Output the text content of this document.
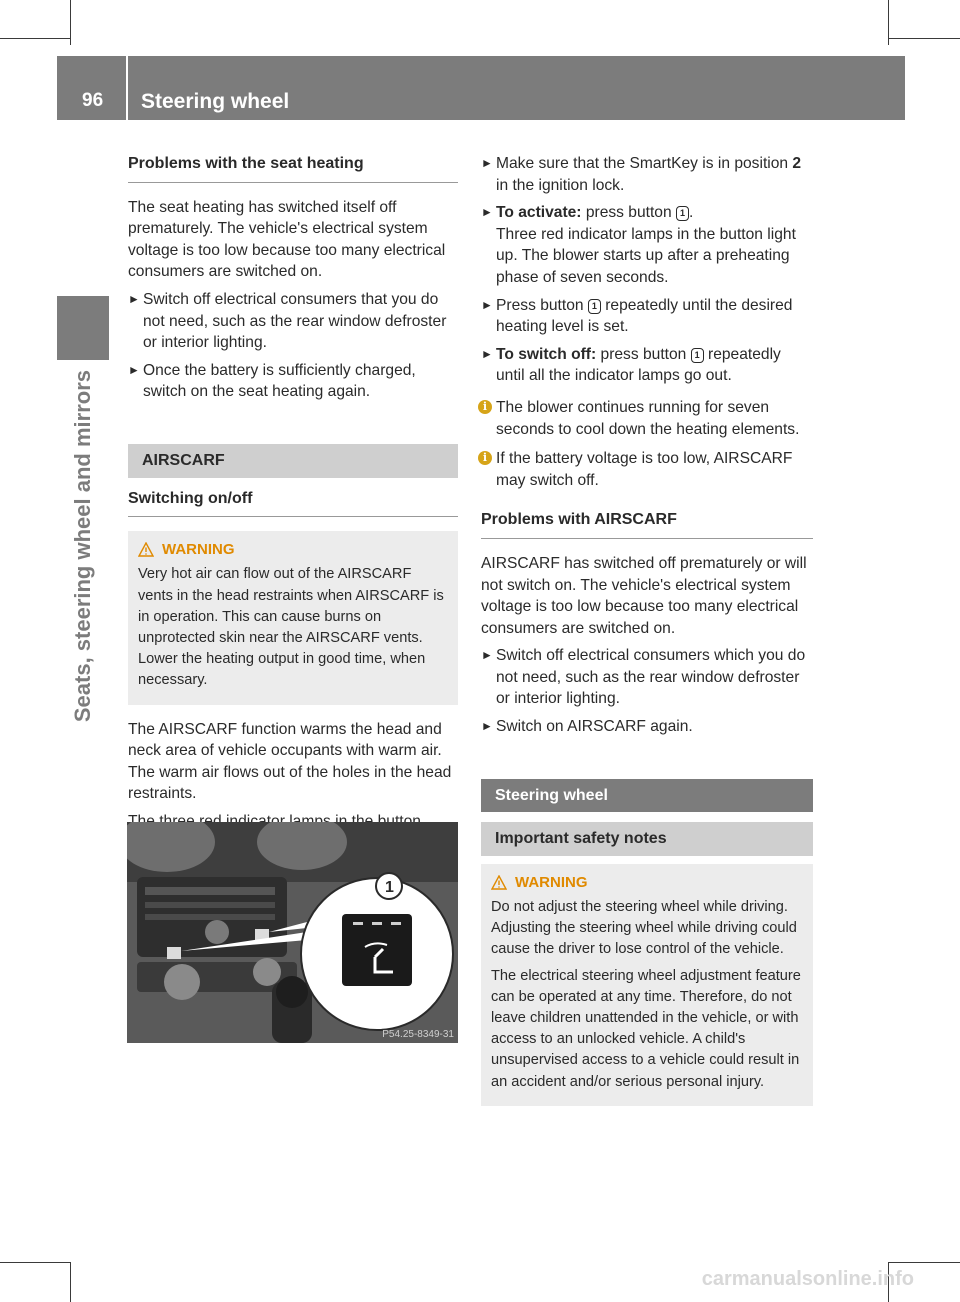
96 Steering wheel
Seats, steering wheel and mirrors
Problems with the seat heating

The seat heating has switched itself off prematurely. The vehicle's electrical system voltage is too low because too many electrical consumers are switched on.

► Switch off electrical consumers that you do not need, such as the rear window defroster or interior lighting.
► Once the battery is sufficiently charged, switch on the seat heating again.
AIRSCARF
Switching on/off
WARNING

Very hot air can flow out of the AIRSCARF vents in the head restraints when AIRSCARF is in operation. This can cause burns on unprotected skin near the AIRSCARF vents. Lower the heating output in good time, when necessary.

The AIRSCARF function warms the head and neck area of vehicle occupants with warm air. The warm air flows out of the holes in the head restraints.

1
P54.25-8349-31
► Make sure that the SmartKey is in position 2 in the ignition lock.
► To activate: press button 1 .
Three red indicator lamps in the button light up. The blower starts up after a preheating phase of seven seconds.
► Press button 1 repeatedly until the desired heating level is set.
► To switch off: press button 1 repeatedly until all the indicator lamps go out.
i The blower continues running for seven seconds to cool down the heating elements.
i If the battery voltage is too low, AIRSCARF may switch off.
Problems with AIRSCARF

AIRSCARF has switched off prematurely or will not switch on. The vehicle's electrical system voltage is too low because too many electrical consumers are switched on.

► Switch off electrical consumers which you do not need, such as the rear window defroster or interior lighting.
► Switch on AIRSCARF again.
Steering wheel
Important safety notes
WARNING

Do not adjust the steering wheel while driving. Adjusting the steering wheel while driving could cause the driver to lose control of the vehicle.

The electrical steering wheel adjustment feature can be operated at any time. Therefore, do not leave children unattended in the vehicle, or with access to an unlocked vehicle. A child's unsupervised access to a vehicle could result in an accident and/or serious personal injury.

carmanualsonline.info
